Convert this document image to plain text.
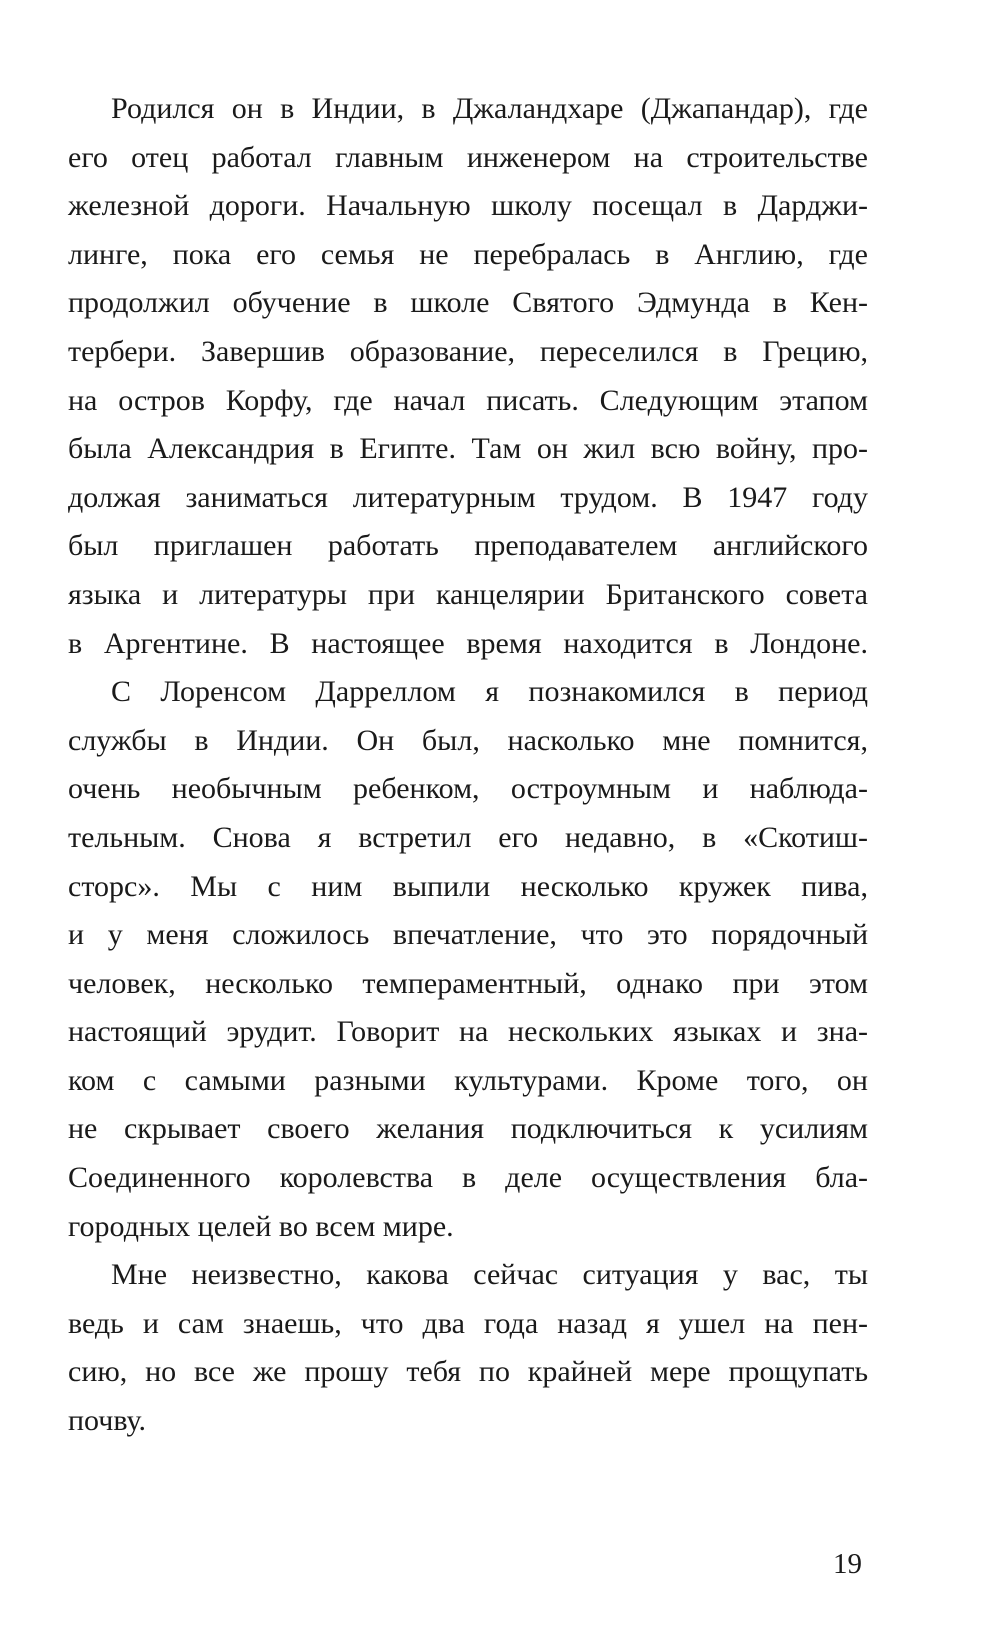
Родился он в Индии, в Джаландхаре (Джапандар), где
его отец работал главным инженером на строительстве
железной дороги. Начальную школу посещал в Дарджи-
линге, пока его семья не перебралась в Англию, где
продолжил обучение в школе Святого Эдмунда в Кен-
тербери. Завершив образование, переселился в Грецию,
на остров Корфу, где начал писать. Следующим этапом
была Александрия в Египте. Там он жил всю войну, про-
должая заниматься литературным трудом. В 1947 году
был приглашен работать преподавателем английского
языка и литературы при канцелярии Британского совета
в Аргентине. В настоящее время находится в Лондоне.
С Лоренсом Дарреллом я познакомился в период
службы в Индии. Он был, насколько мне помнится,
очень необычным ребенком, остроумным и наблюда-
тельным. Снова я встретил его недавно, в «Скотиш-
сторс». Мы с ним выпили несколько кружек пива,
и у меня сложилось впечатление, что это порядочный
человек, несколько темпераментный, однако при этом
настоящий эрудит. Говорит на нескольких языках и зна-
ком с самыми разными культурами. Кроме того, он
не скрывает своего желания подключиться к усилиям
Соединенного королевства в деле осуществления бла-
городных целей во всем мире.
Мне неизвестно, какова сейчас ситуация у вас, ты
ведь и сам знаешь, что два года назад я ушел на пен-
сию, но все же прошу тебя по крайней мере прощупать
почву.
19
